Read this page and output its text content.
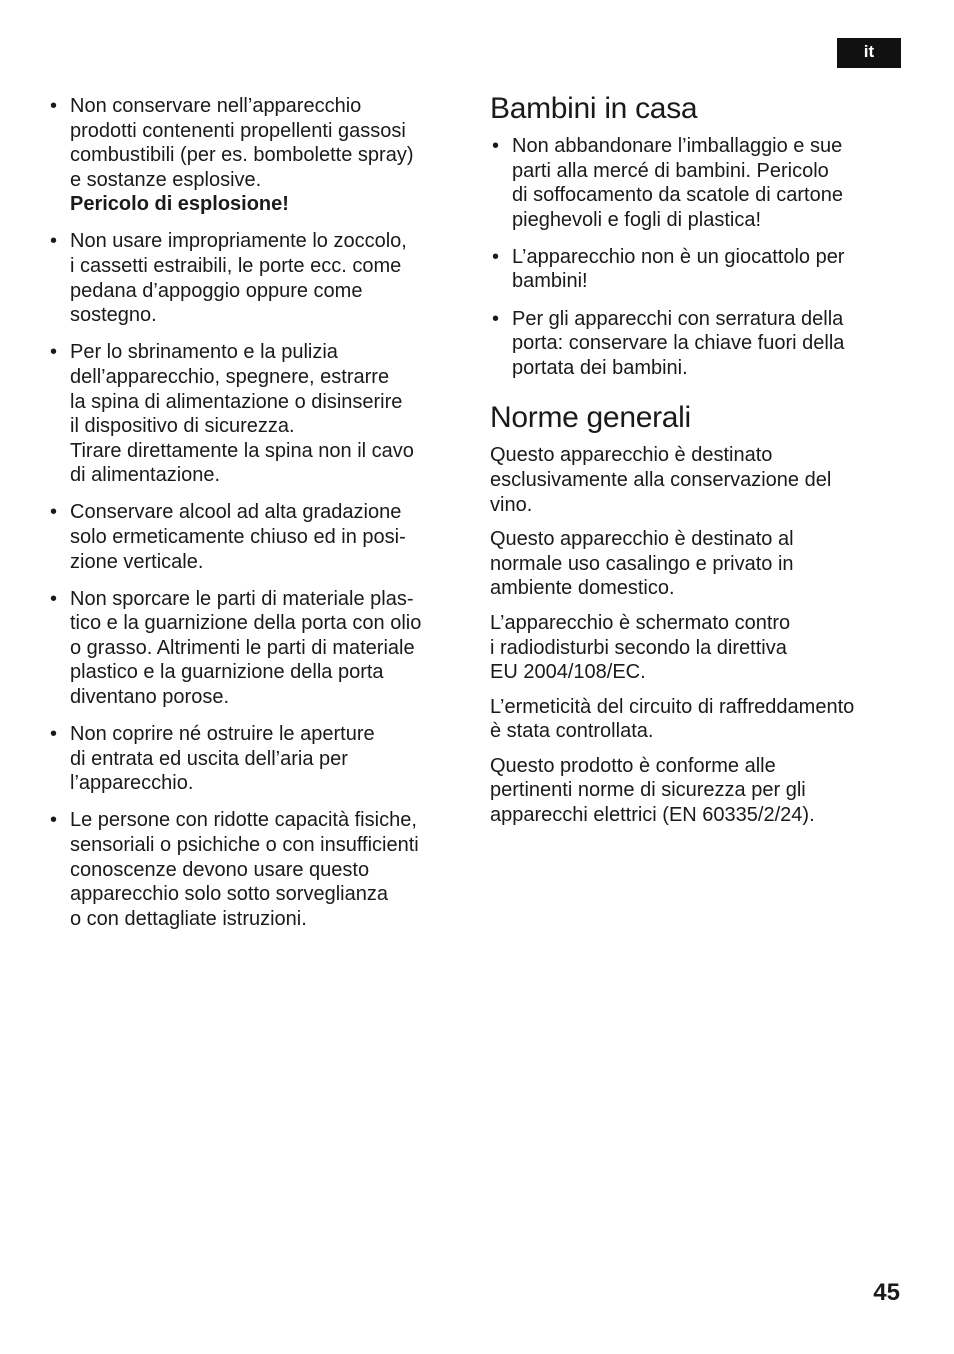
it
• Non conservare nell’apparecchio
prodotti contenenti propellenti gassosi
combustibili (per es. bombolette spray)
e sostanze esplosive.
Pericolo di esplosione!
• Non usare impropriamente lo zoccolo,
i cassetti estraibili, le porte ecc. come
pedana d’appoggio oppure come
sostegno.
• Per lo sbrinamento e la pulizia
dell’apparecchio, spegnere, estrarre
la spina di alimentazione o disinserire
il dispositivo di sicurezza.
Tirare direttamente la spina non il cavo
di alimentazione.
• Conservare alcool ad alta gradazione
solo ermeticamente chiuso ed in posi-
zione verticale.
• Non sporcare le parti di materiale plas-
tico e la guarnizione della porta con olio
o grasso. Altrimenti le parti di materiale
plastico e la guarnizione della porta
diventano porose.
• Non coprire né ostruire le aperture
di entrata ed uscita dell’aria per
l’apparecchio.
• Le persone con ridotte capacità fisiche,
sensoriali o psichiche o con insufficienti
conoscenze devono usare questo
apparecchio solo sotto sorveglianza
o con dettagliate istruzioni.
Bambini in casa
• Non abbandonare l’imballaggio e sue
parti alla mercé di bambini. Pericolo
di soffocamento da scatole di cartone
pieghevoli e fogli di plastica!
• L’apparecchio non è un giocattolo per
bambini!
• Per gli apparecchi con serratura della
porta: conservare la chiave fuori della
portata dei bambini.
Norme generali
Questo apparecchio è destinato
esclusivamente alla conservazione del
vino.
Questo apparecchio è destinato al
normale uso casalingo e privato in
ambiente domestico.
L’apparecchio è schermato contro
i radiodisturbi secondo la direttiva
EU 2004/108/EC.
L’ermeticità del circuito di raffreddamento
è stata controllata.
Questo prodotto è conforme alle
pertinenti norme di sicurezza per gli
apparecchi elettrici (EN 60335/2/24).
45
